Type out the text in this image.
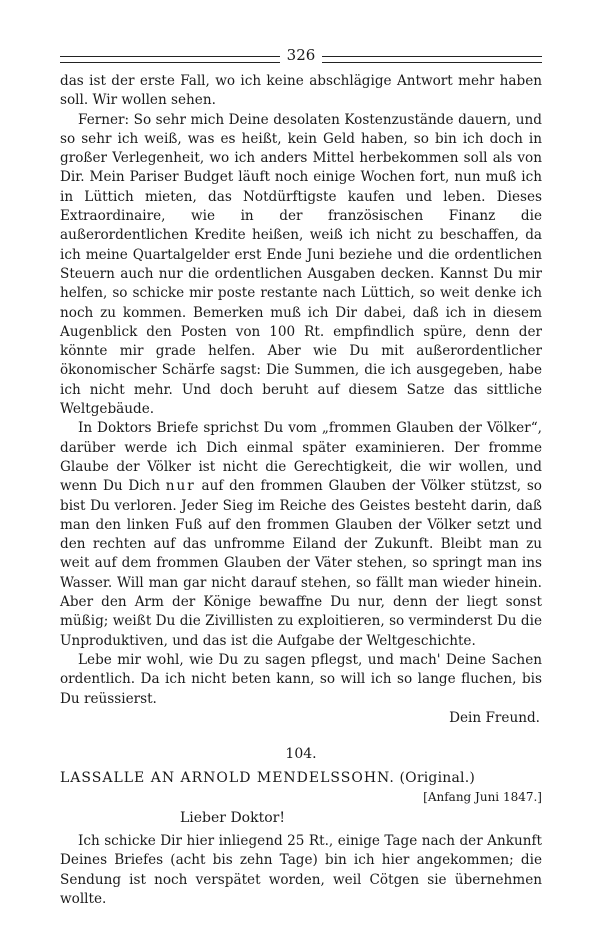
326

das ist der erste Fall, wo ich keine abschlägige Antwort mehr haben soll. Wir wollen sehen.

Ferner: So sehr mich Deine desolaten Kostenzustände dauern, und so sehr ich weiß, was es heißt, kein Geld haben, so bin ich doch in großer Verlegenheit, wo ich anders Mittel herbekommen soll als von Dir. Mein Pariser Budget läuft noch einige Wochen fort, nun muß ich in Lüttich mieten, das Notdürftigste kaufen und leben. Dieses Extraordinaire, wie in der französischen Finanz die außerordentlichen Kredite heißen, weiß ich nicht zu beschaffen, da ich meine Quartalgelder erst Ende Juni beziehe und die ordentlichen Steuern auch nur die ordentlichen Ausgaben decken. Kannst Du mir helfen, so schicke mir poste restante nach Lüttich, so weit denke ich noch zu kommen. Bemerken muß ich Dir dabei, daß ich in diesem Augenblick den Posten von 100 Rt. empfindlich spüre, denn der könnte mir grade helfen. Aber wie Du mit außerordentlicher ökonomischer Schärfe sagst: Die Summen, die ich ausgegeben, habe ich nicht mehr. Und doch beruht auf diesem Satze das sittliche Weltgebäude.

In Doktors Briefe sprichst Du vom „frommen Glauben der Völker“, darüber werde ich Dich einmal später examinieren. Der fromme Glaube der Völker ist nicht die Gerechtigkeit, die wir wollen, und wenn Du Dich nur auf den frommen Glauben der Völker stützst, so bist Du verloren. Jeder Sieg im Reiche des Geistes besteht darin, daß man den linken Fuß auf den frommen Glauben der Völker setzt und den rechten auf das unfromme Eiland der Zukunft. Bleibt man zu weit auf dem frommen Glauben der Väter stehen, so springt man ins Wasser. Will man gar nicht darauf stehen, so fällt man wieder hinein. Aber den Arm der Könige bewaffne Du nur, denn der liegt sonst müßig; weißt Du die Zivillisten zu exploitieren, so verminderst Du die Unproduktiven, und das ist die Aufgabe der Weltgeschichte.

Lebe mir wohl, wie Du zu sagen pflegst, und mach' Deine Sachen ordentlich. Da ich nicht beten kann, so will ich so lange fluchen, bis Du reüssierst.

Dein Freund.
104.
LASSALLE AN ARNOLD MENDELSSOHN. (Original.)
[Anfang Juni 1847.]
Lieber Doktor!

Ich schicke Dir hier inliegend 25 Rt., einige Tage nach der Ankunft Deines Briefes (acht bis zehn Tage) bin ich hier angekommen; die Sendung ist noch verspätet worden, weil Cötgen sie übernehmen wollte.
